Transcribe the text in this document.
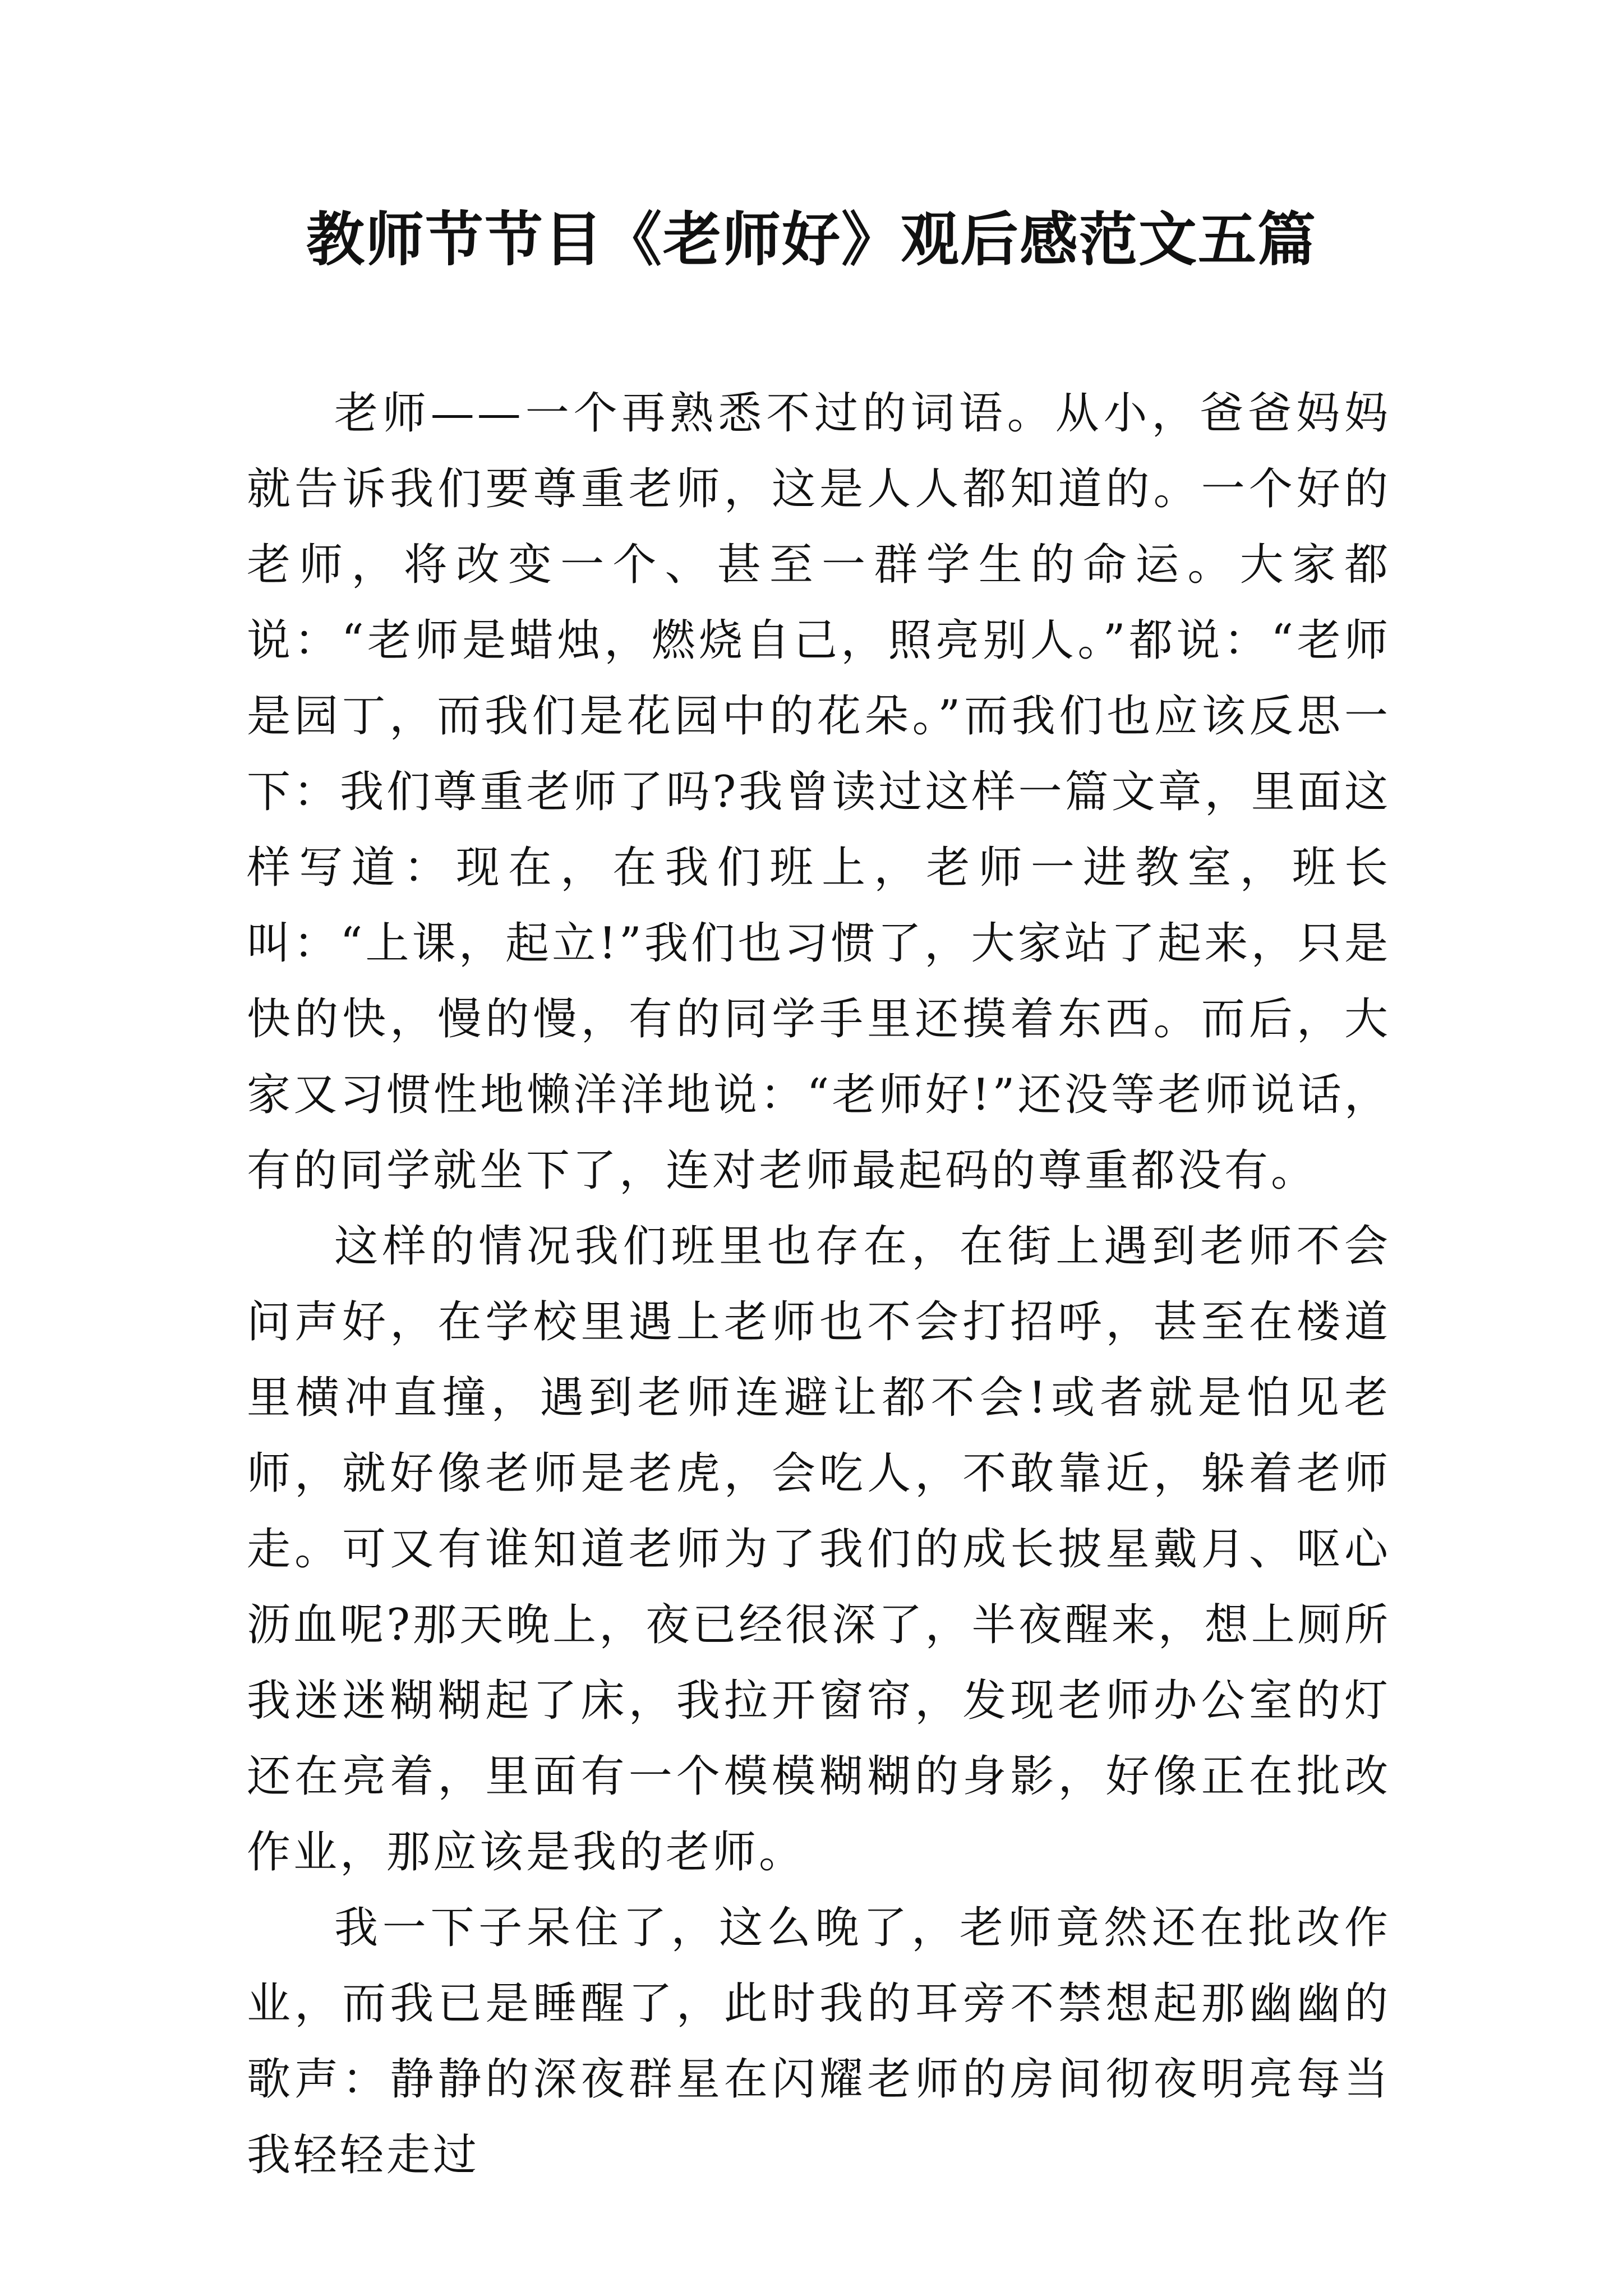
教师节节目《老师好》观后感范文五篇

老师——一个再熟悉不过的词语。从小，爸爸妈妈就告诉我们要尊重老师，这是人人都知道的。一个好的老师，将改变一个、甚至一群学生的命运。大家都说：“老师是蜡烛，燃烧自己，照亮别人。”都说：“老师是园丁，而我们是花园中的花朵。”而我们也应该反思一下：我们尊重老师了吗?我曾读过这样一篇文章，里面这样写道：现在，在我们班上，老师一进教室，班长叫：“上课，起立!”我们也习惯了，大家站了起来，只是快的快，慢的慢，有的同学手里还摸着东西。而后，大家又习惯性地懒洋洋地说：“老师好!”还没等老师说话，有的同学就坐下了，连对老师最起码的尊重都没有。

这样的情况我们班里也存在，在街上遇到老师不会问声好，在学校里遇上老师也不会打招呼，甚至在楼道里横冲直撞，遇到老师连避让都不会!或者就是怕见老师，就好像老师是老虎，会吃人，不敢靠近，躲着老师走。可又有谁知道老师为了我们的成长披星戴月、呕心沥血呢?那天晚上，夜已经很深了，半夜醒来，想上厕所我迷迷糊糊起了床，我拉开窗帘，发现老师办公室的灯还在亮着，里面有一个模模糊糊的身影，好像正在批改作业，那应该是我的老师。

我一下子呆住了，这么晚了，老师竟然还在批改作业，而我已是睡醒了，此时我的耳旁不禁想起那幽幽的歌声：静静的深夜群星在闪耀老师的房间彻夜明亮每当我轻轻走过
